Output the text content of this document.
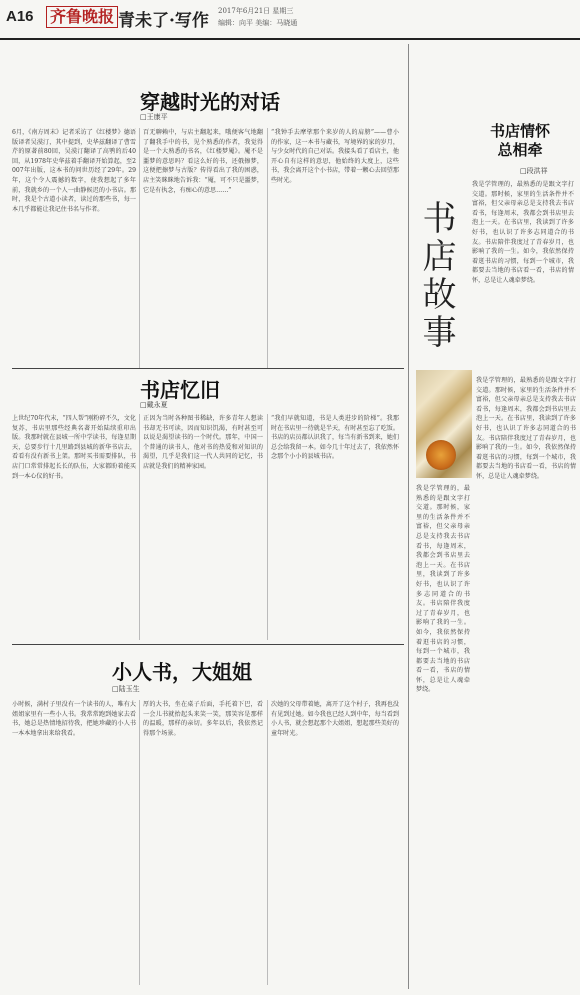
A16 齐鲁晚报 青未了·写作 2017年6月21日 星期三
编辑：向平 美编：马晓通
穿越时光的对话
□王康平
6月，《南方周末》记者采访了《红楼梦》德语版译者吴漠汀，其中提到，史华兹翻译了曹雪芹的原著前80回，吴漠汀翻译了高鹗的后40回，从1978年史华兹着手翻译开始算起，至2007年出版，这本书的问世历经了29年。29年，这个令人震撼的数字，使我想起了多年前，我就乡的一个人一曲静候迟的小书店。那时，我是个古道小读者，读过的那些书，每一本几乎都能让我记住书名与作者。
百无聊赖中，与店主翻起来，哦便客气地翻了翻我手中的书，见个熟悉的作者，我觉得是一个大熟悉的书名，《红楼梦魇》。魇不是噩梦的意思吗？看这么好的书，还俄擦梦，这便把擦梦与古版？传得看出了我的困惑，店主笑眯眯地告诉我：“魇，可不只是噩梦，它是有执念，有痴心的意思……”
“我钟手去摩挲那个来岁的人的肩膀”——曹小的作家，这一本书与藏书，写境界的家的岁月，与少女时代的自己对话。我接头看了看店主，他开心自有这样的意思，他始终的大度上，这些书，我会离开这个小书店，带着一颗心去回望那些时光。
书店忆旧
□戴永夏
上世纪70年代末，“四人帮”刚粉碎不久，文化复苏，书店里那些经典名著开始陆续重印出版。我那时就在县城一所中学读书，每逢星期天，总要步行十几里路到县城的新华书店去，看看有没有新书上架。那时买书需要排队，书店门口常常排起长长的队伍，大家都盼着能买到一本心仪的好书。
正因为当时各种图书稀缺，许多青年人想读书却无书可读，因而知识饥渴，有时甚至可以说是渴望读书的一个时代。那年，中国一个普通的读书人，他对书的热爱和对知识的渴望，几乎是我们这一代人共同的记忆，书店就是我们的精神家园。
“我们早就知道，书是人类进步的阶梯”。我那时在书店里一待就是半天，有时甚至忘了吃饭。书店的店员都认识我了，每当有新书到来，她们总会给我留一本。如今几十年过去了，我依然怀念那个小小的县城书店。
小人书，大姐姐
□陆玉生
小时候，满村子里没有一个读书的人，唯有大姐姐家里有一些小人书。我常常跑到她家去看书，她总是热情地招待我，把她珍藏的小人书一本本地拿出来给我看。
厚的大书，坐在桌子后面，手托着下巴，看一会儿书就抬起头来笑一笑，那笑容是那样的温暖，那样的亲切。多年以后，我依然记得那个场景。
次她的父母带着她，离开了这个村子，我再也没有见到过她。如今我也已经人到中年，每当看到小人书，就会想起那个大姐姐，想起那些美好的童年时光。
书店情怀
总相牵
□段洪祥
我是学管理的，最熟悉的是跟文字打交道。那时候，家里的生活条件并不富裕，但父亲母亲总是支持我去书店看书，每逢周末，我都会到书店里去泡上一天。在书店里，我读到了许多好书，也认识了许多志同道合的书友。书店陪伴我度过了青春岁月，也影响了我的一生。如今，我依然保持着逛书店的习惯，每到一个城市，我都要去当地的书店看一看，书店的情怀，总是让人魂牵梦绕。
书店故事
我是学管理的，最熟悉的是跟文字打交道。那时候，家里的生活条件并不富裕，但父亲母亲总是支持我去书店看书，每逢周末，我都会到书店里去泡上一天。在书店里，我读到了许多好书，也认识了许多志同道合的书友。书店陪伴我度过了青春岁月，也影响了我的一生。如今，我依然保持着逛书店的习惯，每到一个城市，我都要去当地的书店看一看，书店的情怀，总是让人魂牵梦绕。
我是学管理的，最熟悉的是跟文字打交道。那时候，家里的生活条件并不富裕，但父亲母亲总是支持我去书店看书，每逢周末，我都会到书店里去泡上一天。在书店里，我读到了许多好书，也认识了许多志同道合的书友。书店陪伴我度过了青春岁月，也影响了我的一生。如今，我依然保持着逛书店的习惯，每到一个城市，我都要去当地的书店看一看，书店的情怀，总是让人魂牵梦绕。
